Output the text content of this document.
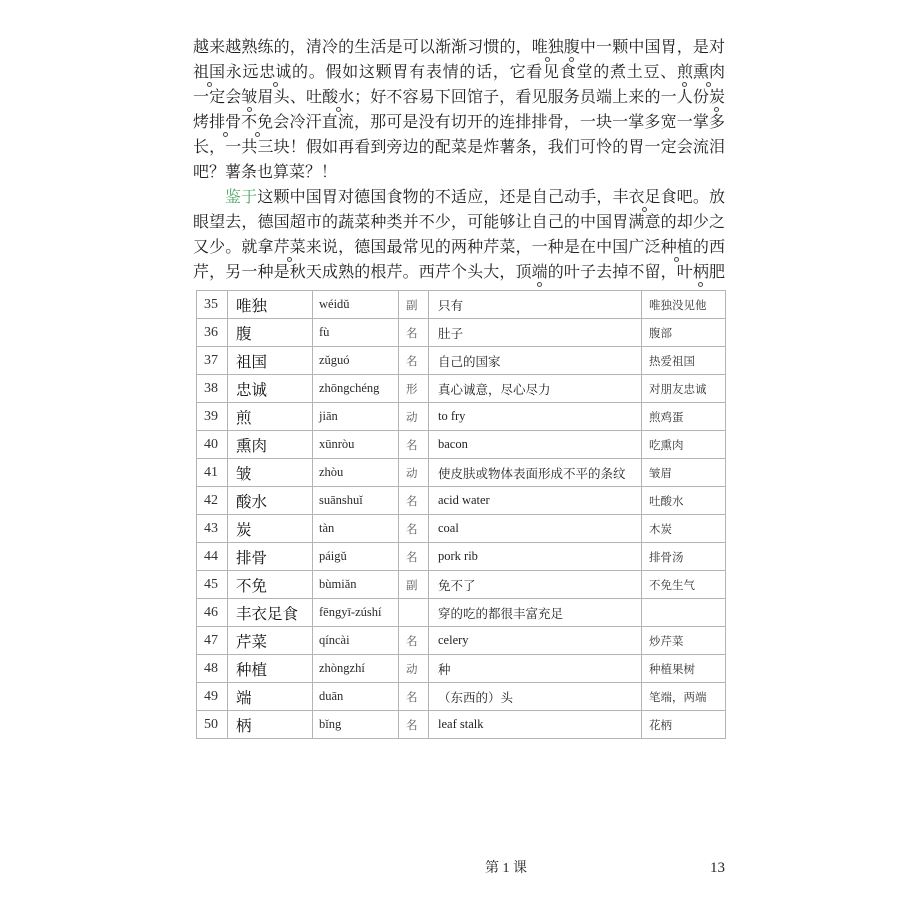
越来越熟练的，清冷的生活是可以渐渐习惯的，唯独腹中一颗中国胃，是对
祖国永远忠诚的。假如这颗胃有表情的话，它看见食堂的煮土豆、煎熏肉
一定会皱眉头、吐酸水；好不容易下回馆子，看见服务员端上来的一人份炭
烤排骨不免会冷汗直流，那可是没有切开的连排排骨，一块一掌多宽一掌多
长，一共三块！假如再看到旁边的配菜是炸薯条，我们可怜的胃一定会流泪
吧？薯条也算菜？！
鉴于这颗中国胃对德国食物的不适应，还是自己动手，丰衣足食吧。放
眼望去，德国超市的蔬菜种类并不少，可能够让自己的中国胃满意的却少之
又少。就拿芹菜来说，德国最常见的两种芹菜，一种是在中国广泛种植的西
芹，另一种是秋天成熟的根芹。西芹个头大，顶端的叶子去掉不留，叶柄肥
35	唯独	wéidǔ	副	只有	唯独没见他
36	腹	fù	名	肚子	腹部
37	祖国	zǔguó	名	自己的国家	热爱祖国
38	忠诚	zhōngchéng	形	真心诚意，尽心尽力	对朋友忠诚
39	煎	jiān	动	to fry	煎鸡蛋
40	熏肉	xūnròu	名	bacon	吃熏肉
41	皱	zhòu	动	使皮肤或物体表面形成不平的条纹	皱眉
42	酸水	suānshuǐ	名	acid water	吐酸水
43	炭	tàn	名	coal	木炭
44	排骨	páigǔ	名	pork rib	排骨汤
45	不免	bùmiǎn	副	免不了	不免生气
46	丰衣足食	fēngyī-zúshí		穿的吃的都很丰富充足	
47	芹菜	qíncài	名	celery	炒芹菜
48	种植	zhòngzhí	动	种	种植果树
49	端	duān	名	（东西的）头	笔端，两端
50	柄	bǐng	名	leaf stalk	花柄
第 1 课	13
